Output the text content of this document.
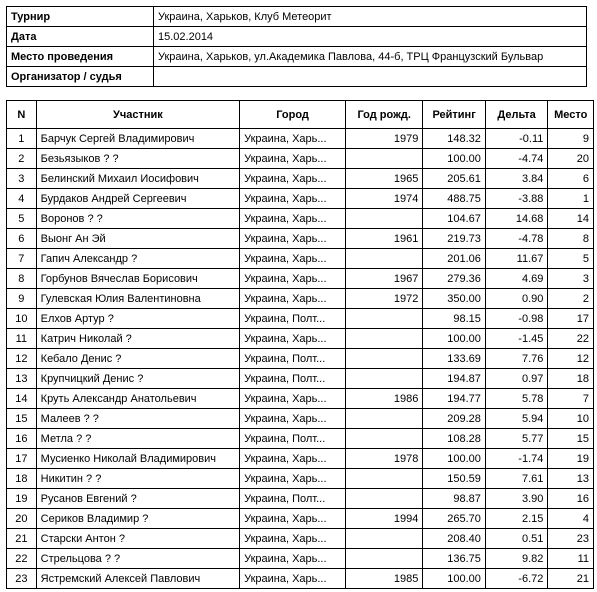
Турнир	Украина, Харьков, Клуб Метеорит
Дата	15.02.2014
Место проведения	Украина, Харьков, ул.Академика Павлова, 44-б, ТРЦ Французский Бульвар
Организатор / судья	
N	Участник	Город	Год рожд.	Рейтинг	Дельта	Место
1	Барчук Сергей Владимирович	Украина, Харь...	1979	148.32	-0.11	9
2	Безьязыков ? ?	Украина, Харь...		100.00	-4.74	20
3	Белинский Михаил Иосифович	Украина, Харь...	1965	205.61	3.84	6
4	Бурдаков Андрей Сергеевич	Украина, Харь...	1974	488.75	-3.88	1
5	Воронов ? ?	Украина, Харь...		104.67	14.68	14
6	Выонг Ан Эй	Украина, Харь...	1961	219.73	-4.78	8
7	Гапич Александр ?	Украина, Харь...		201.06	11.67	5
8	Горбунов Вячеслав Борисович	Украина, Харь...	1967	279.36	4.69	3
9	Гулевская Юлия Валентиновна	Украина, Харь...	1972	350.00	0.90	2
10	Елхов Артур ?	Украина, Полт...		98.15	-0.98	17
11	Катрич Николай ?	Украина, Харь...		100.00	-1.45	22
12	Кебало Денис ?	Украина, Полт...		133.69	7.76	12
13	Крупчицкий Денис ?	Украина, Полт...		194.87	0.97	18
14	Круть Александр Анатольевич	Украина, Харь...	1986	194.77	5.78	7
15	Малеев ? ?	Украина, Харь...		209.28	5.94	10
16	Метла ? ?	Украина, Полт...		108.28	5.77	15
17	Мусиенко Николай Владимирович	Украина, Харь...	1978	100.00	-1.74	19
18	Никитин ? ?	Украина, Харь...		150.59	7.61	13
19	Русанов Евгений ?	Украина, Полт...		98.87	3.90	16
20	Сериков Владимир ?	Украина, Харь...	1994	265.70	2.15	4
21	Старски Антон ?	Украина, Харь...		208.40	0.51	23
22	Стрельцова ? ?	Украина, Харь...		136.75	9.82	11
23	Ястремский Алексей Павлович	Украина, Харь...	1985	100.00	-6.72	21
